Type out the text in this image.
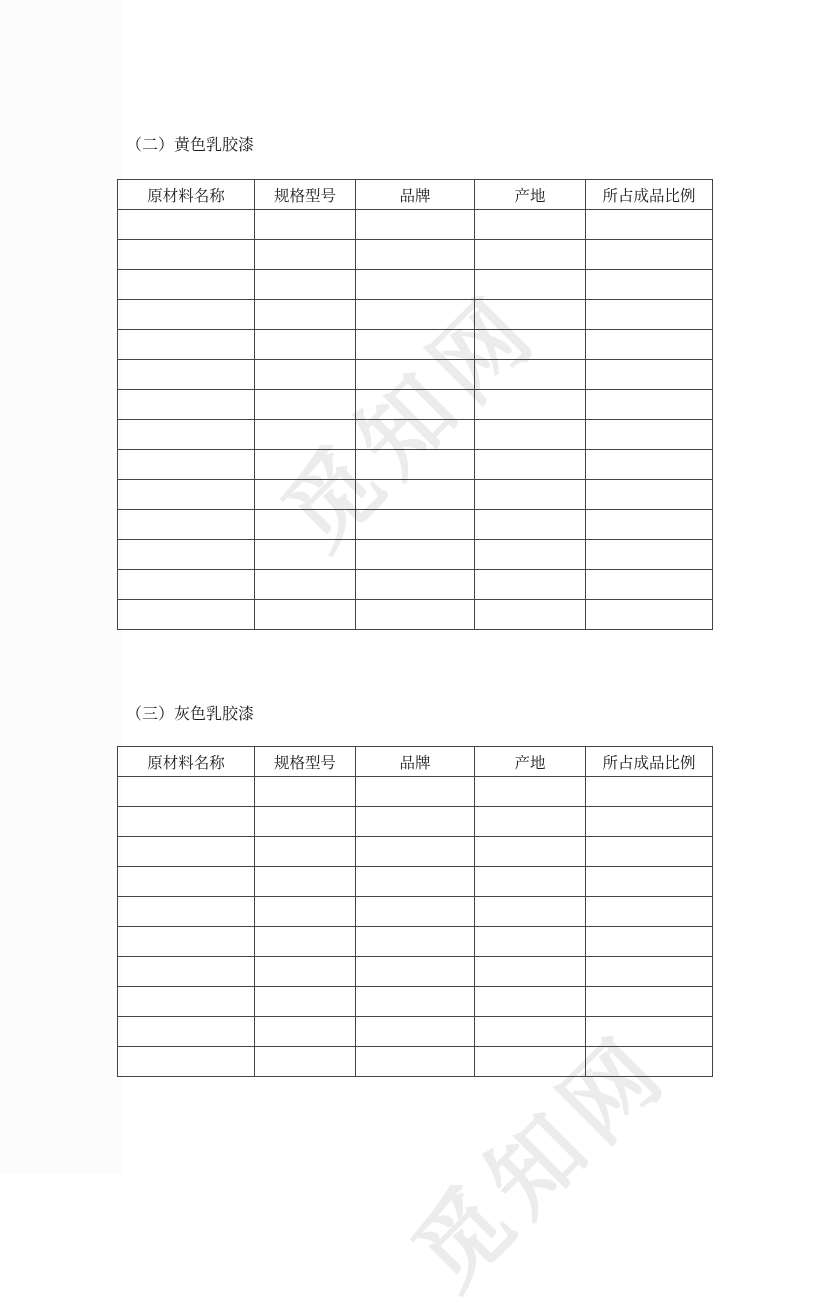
觅知网
觅知网
（二）黄色乳胶漆
原材料名称	规格型号	品牌	产地	所占成品比例

（三）灰色乳胶漆
原材料名称	规格型号	品牌	产地	所占成品比例
